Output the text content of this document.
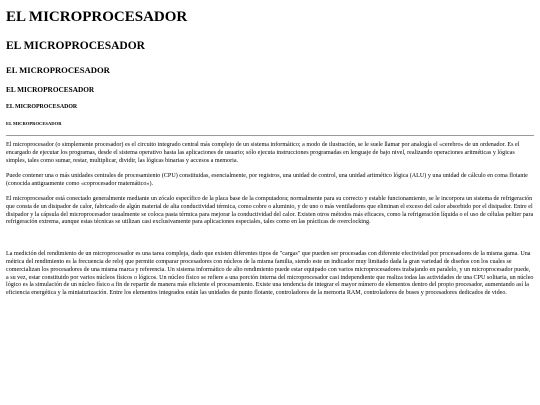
EL MICROPROCESADOR
EL MICROPROCESADOR
EL MICROPROCESADOR
EL MICROPROCESADOR
EL MICROPROCESADOR
EL MICROPROCESADOR

El microprocesador (o simplemente procesador) es el circuito integrado central más complejo de un sistema informático; a modo de ilustración, se le suele llamar por analogía el «cerebro» de un ordenador. Es el encargado de ejecutar los programas, desde el sistema operativo hasta las aplicaciones de usuario; sólo ejecuta instrucciones programadas en lenguaje de bajo nivel, realizando operaciones aritméticas y lógicas simples, tales como sumar, restar, multiplicar, dividir, las lógicas binarias y accesos a memoria.

Puede contener una o más unidades centrales de procesamiento (CPU) constituidas, esencialmente, por registros, una unidad de control, una unidad aritmético lógica (ALU) y una unidad de cálculo en coma flotante (conocida antiguamente como «coprocesador matemático»).

El microprocesador está conectado generalmente mediante un zócalo específico de la placa base de la computadora; normalmente para su correcto y estable funcionamiento, se le incorpora un sistema de refrigeración que consta de un disipador de calor, fabricado de algún material de alta conductividad térmica, como cobre o aluminio, y de uno o más ventiladores que eliminan el exceso del calor absorbido por el disipador. Entre el disipador y la cápsula del microprocesador usualmente se coloca pasta térmica para mejorar la conductividad del calor. Existen otros métodos más eficaces, como la refrigeración líquida o el uso de células peltier para refrigeración extrema, aunque estas técnicas se utilizan casi exclusivamente para aplicaciones especiales, tales como en las prácticas de overclocking.

La medición del rendimiento de un microprocesador es una tarea compleja, dado que existen diferentes tipos de "cargas" que pueden ser procesadas con diferente efectividad por procesadores de la misma gama. Una métrica del rendimiento es la frecuencia de reloj que permite comparar procesadores con núcleos de la misma familia, siendo este un indicador muy limitado dada la gran variedad de diseños con los cuales se comercializan los procesadores de una misma marca y referencia. Un sistema informático de alto rendimiento puede estar equipado con varios microprocesadores trabajando en paralelo, y un microprocesador puede, a su vez, estar constituido por varios núcleos físicos o lógicos. Un núcleo físico se refiere a una porción interna del microprocesador casi independiente que realiza todas las actividades de una CPU solitaria, un núcleo lógico es la simulación de un núcleo físico a fin de repartir de manera más eficiente el procesamiento. Existe una tendencia de integrar el mayor número de elementos dentro del propio procesador, aumentando así la eficiencia energética y la miniaturización. Entre los elementos integrados están las unidades de punto flotante, controladores de la memoria RAM, controladores de buses y procesadores dedicados de video.
